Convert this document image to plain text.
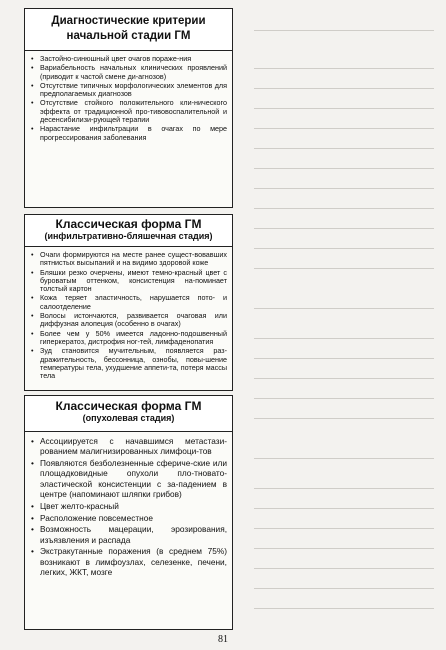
Диагностические критерии начальной стадии ГМ
• Застойно-синюшный цвет очагов пораже-ния
• Вариабельность начальных клинических проявлений (приводит к частой смене ди-агнозов)
• Отсутствие типичных морфологических элементов для предполагаемых диагнозов
• Отсутствие стойкого положительного кли-нического эффекта от традиционной про-тивовоспалительной и десенсибилизи-рующей терапии
• Нарастание инфильтрации в очагах по мере прогрессирования заболевания
Классическая форма ГМ
(инфильтративно-бляшечная стадия)
• Очаги формируются на месте ранее сущест-вовавших пятнистых высыпаний и на видимо здоровой коже
• Бляшки резко очерчены, имеют темно-красный цвет с буроватым оттенком, консистенция на-поминает толстый картон
• Кожа теряет эластичность, нарушается пото- и салоотделение
• Волосы истончаются, развивается очаговая или диффузная алопеция (особенно в очагах)
• Более чем у 50% имеется ладонно-подошвенный гиперкератоз, дистрофия ног-тей, лимфаденопатия
• Зуд становится мучительным, появляется раз-дражительность, бессонница, ознобы, повы-шение температуры тела, ухудшение аппети-та, потеря массы тела
Классическая форма ГМ
(опухолевая стадия)
• Ассоциируется с начавшимся метастази-рованием малигнизированных лимфоци-тов
• Появляются безболезненные сфериче-ские или площадковидные опухоли пло-тновато-эластической консистенции с за-падением в центре (напоминают шляпки грибов)
• Цвет желто-красный
• Расположение повсеместное
• Возможность мацерации, эрозирования, изъязвления и распада
• Экстракутанные поражения (в среднем 75%) возникают в лимфоузлах, селезенке, печени, легких, ЖКТ, мозге
81
